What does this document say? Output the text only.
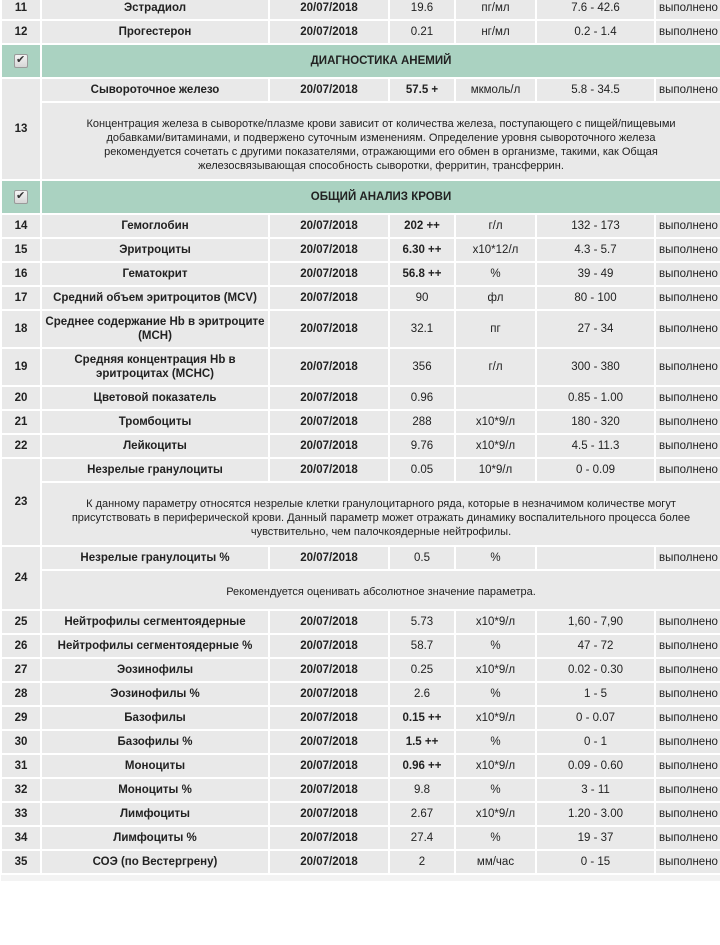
11	Эстрадиол	20/07/2018	19.6	пг/мл	7.6 - 42.6	выполнено
12	Прогестерон	20/07/2018	0.21	нг/мл	0.2 - 1.4	выполнено
✔	ДИАГНОСТИКА АНЕМИЙ					
13	Сывороточное железо	20/07/2018	57.5 +	мкмоль/л	5.8 - 34.5	выполнено

	Концентрация железа в сыворотке/плазме крови зависит от количества железа, поступающего с пищей/пищевыми добавками/витаминами, и подвержено суточным изменениям. Определение уровня сывороточного железа рекомендуется сочетать с другими показателями, отражающими его обмен в организме, такими, как Общая железосвязывающая способность сыворотки, ферритин, трансферрин.					

✔	ОБЩИЙ АНАЛИЗ КРОВИ					
14	Гемоглобин	20/07/2018	202 ++	г/л	132 - 173	выполнено
15	Эритроциты	20/07/2018	6.30 ++	х10*12/л	4.3 - 5.7	выполнено
16	Гематокрит	20/07/2018	56.8 ++	%	39 - 49	выполнено
17	Средний объем эритроцитов (MCV)	20/07/2018	90	фл	80 - 100	выполнено
18	Среднее содержание Hb в эритроците (MCH)	20/07/2018	32.1	пг	27 - 34	выполнено
19	Средняя концентрация Hb в эритроцитах (MCHC)	20/07/2018	356	г/л	300 - 380	выполнено
20	Цветовой показатель	20/07/2018	0.96		0.85 - 1.00	выполнено
21	Тромбоциты	20/07/2018	288	х10*9/л	180 - 320	выполнено
22	Лейкоциты	20/07/2018	9.76	х10*9/л	4.5 - 11.3	выполнено
23	Незрелые гранулоциты	20/07/2018	0.05	10*9/л	0 - 0.09	выполнено

	К данному параметру относятся незрелые клетки гранулоцитарного ряда, которые в незначимом количестве могут присутствовать в периферической крови. Данный параметр может отражать динамику воспалительного процесса более чувствительно, чем палочкоядерные нейтрофилы.					

24	Незрелые гранулоциты %	20/07/2018	0.5	%		выполнено

	Рекомендуется оценивать абсолютное значение параметра.					

25	Нейтрофилы сегментоядерные	20/07/2018	5.73	х10*9/л	1,60 - 7,90	выполнено
26	Нейтрофилы сегментоядерные %	20/07/2018	58.7	%	47 - 72	выполнено
27	Эозинофилы	20/07/2018	0.25	х10*9/л	0.02 - 0.30	выполнено
28	Эозинофилы %	20/07/2018	2.6	%	1 - 5	выполнено
29	Базофилы	20/07/2018	0.15 ++	х10*9/л	0 - 0.07	выполнено
30	Базофилы %	20/07/2018	1.5 ++	%	0 - 1	выполнено
31	Моноциты	20/07/2018	0.96 ++	х10*9/л	0.09 - 0.60	выполнено
32	Моноциты %	20/07/2018	9.8	%	3 - 11	выполнено
33	Лимфоциты	20/07/2018	2.67	х10*9/л	1.20 - 3.00	выполнено
34	Лимфоциты %	20/07/2018	27.4	%	19 - 37	выполнено
35	СОЭ (по Вестергрену)	20/07/2018	2	мм/час	0 - 15	выполнено
